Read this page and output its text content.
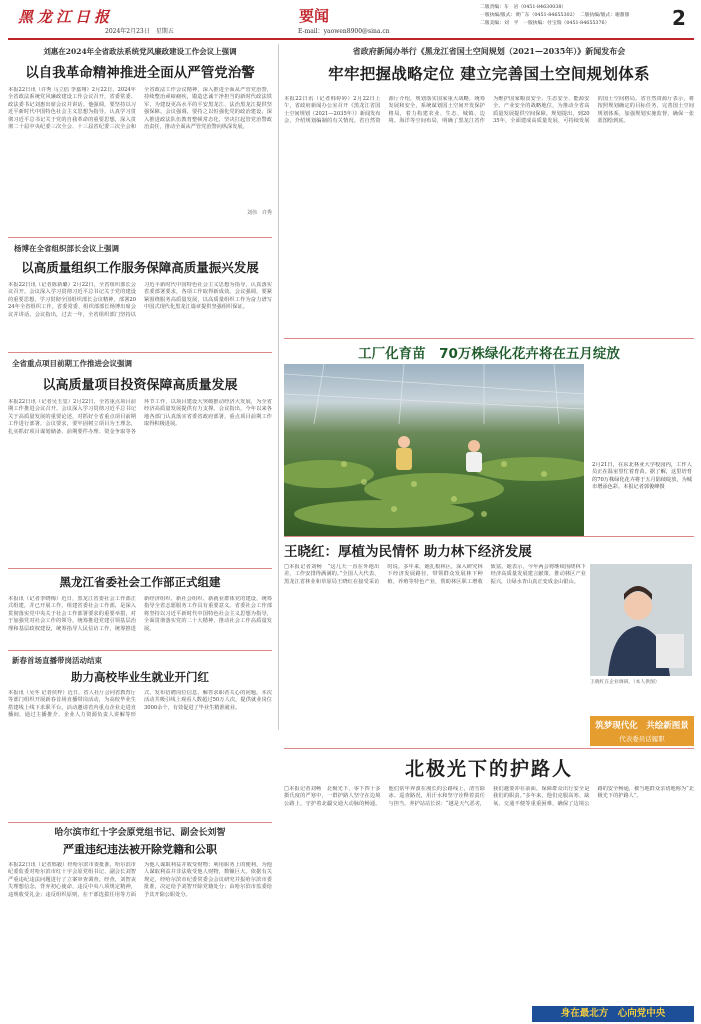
黑龙江日报
2024年2月23日　星期五
要闻
E-mail：yaowen8900@sina.cn
二版责编：车　岩（0451-84630038）
一版执编/版式：黄广东（0451-84655302）　二版执编/版式：谢甜甜
二版美编：刘　平　一版执编：付宝瑞（0451-84655376）	2
刘惠在2024年全省政法系统党风廉政建设工作会议上强调
以自我革命精神推进全面从严管党治警
本报22日讯（许秀 马立倡 李嘉翔）2月22日，2024年全省政法系统党风廉政建设工作会议召开，省委常委、政法委书记刘惠出席会议并讲话。他强调，要坚持以习近平新时代中国特色社会主义思想为指导，认真学习贯彻习近平总书记关于党的自我革命的重要思想，深入贯彻二十届中央纪委三次全会、十三届省纪委三次全会和全省政法工作会议精神，深入推进全面从严管党治警，持续整治顽瘴痼疾，锻造忠诚干净担当的新时代政法铁军，为建设更高水平的平安黑龙江、法治黑龙江提供坚强保障。会议强调，要持之以恒强化党的政治建设，深入推进政法队伍教育整顿常态化，坚决扛起管党治警政治责任，推动全面从严管党治警向纵深发展。
刘伟　许秀
杨博在全省组织部长会议上强调
以高质量组织工作服务保障高质量振兴发展
本报22日讯（记者陈新璐）2月22日，全省组织部长会议召开。会议深入学习贯彻习近平总书记关于党的建设的重要思想，学习贯彻全国组织部长会议精神，部署2024年全省组织工作。省委常委、组织部部长杨博出席会议并讲话。会议指出，过去一年，全省组织部门坚持以习近平新时代中国特色社会主义思想为指导，认真落实省委部署要求，各项工作取得新成效。会议强调，要紧紧围绕服务高质量发展，以高质量组织工作为奋力谱写中国式现代化黑龙江篇章提供坚强组织保证。
全省重点项目前期工作推进会议强调
以高质量项目投资保障高质量发展
本报22日讯（记者吴玉玺）2月22日，全省重点项目前期工作推进会议召开。会议深入学习贯彻习近平总书记关于高质量发展的重要论述，对抓好全省重点项目前期工作进行部署。会议要求，要牢固树立项目为王理念，扎实抓好项目谋划储备、前期要件办理、资金争取等各环节工作，以项目建设大突破推动经济大发展，为全省经济高质量发展提供有力支撑。会议指出，今年以来各地各部门认真落实省委省政府部署，重点项目前期工作取得积极进展。
黑龙江省委社会工作部正式组建
本报讯（记者李晓梅）近日，黑龙江省委社会工作部正式组建，并已开展工作。组建省委社会工作部，是深入贯彻落实党中央关于社会工作部署要求的重要举措，对于加强党对社会工作的领导，统筹推进党建引领基层治理和基层政权建设，统筹指导人民信访工作，统筹推进新经济组织、新社会组织、新就业群体党的建设，统筹指导全省志愿服务工作具有重要意义。省委社会工作部将坚持以习近平新时代中国特色社会主义思想为指导，全面贯彻落实党的二十大精神，推动社会工作高质量发展。
新春首场直播带岗活动结束
助力高校毕业生就业开门红
本报讯（吴冬 记者侯梓）近日，省人社厅会同省教育厅等部门组织开展新春首场直播带岗活动，为高校毕业生搭建线上线下求职平台。活动邀请省内重点企业走进直播间，通过主播推介、企业人力资源负责人讲解等形式，发布招聘岗位信息，解答求职者关心的问题。本次活动共吸引线上观看人数超过50万人次，提供就业岗位3000余个，有效促进了毕业生精准就业。
哈尔滨市红十字会原党组书记、副会长刘智
严重违纪违法被开除党籍和公职
本报22日讯（记者邢毅）经哈尔滨市委批准，哈尔滨市纪委监委对哈尔滨市红十字会原党组书记、副会长刘智严重违纪违法问题进行了立案审查调查。经查，刘智丧失理想信念，背弃初心使命，违反中央八项规定精神，违规收受礼金；违反组织原则，在干部选拔任用等方面为他人谋取利益并收受财物；利用职务上的便利，为他人谋取利益并非法收受他人财物，数额巨大。依据有关规定，经哈尔滨市纪委常委会会议研究并报哈尔滨市委批准，决定给予刘智开除党籍处分；由哈尔滨市监委给予其开除公职处分。
省政府新闻办举行《黑龙江省国土空间规划（2021—2035年）》新闻发布会
牢牢把握战略定位 建立完善国土空间规划体系
本报22日讯（记者韩婷婷）2月22日上午，省政府新闻办公室召开《黑龙江省国土空间规划（2021—2035年）》新闻发布会，介绍规划编制的有关情况。省自然资源厅介绍，规划落实国家重大战略，统筹发展和安全，系统谋划国土空间开发保护格局，着力构建农业、生态、城镇、边境、海洋等空间布局，明确了黑龙江省作为维护国家粮食安全、生态安全、能源安全、产业安全的战略地位，为推动全省高质量发展提供空间保障。规划提出，到2035年，全面建成高质量发展、可持续发展的国土空间格局。省自然资源厅表示，将按照规划确定的目标任务，完善国土空间规划体系，加强规划实施监督，确保一张蓝图绘到底。
工厂化育苗　70万株绿化花卉将在五月绽放
2月21日，在东北林业大学校园内，工作人员正在温室里忙着育苗。据了解，这里培育的70万株绿化花卉将于五月陆续绽放，为城市增添色彩。本报记者郭俊峰摄
王晓红：厚植为民情怀 助力林下经济发展
□本报记者刘畅　“这几天一直在外地出差，工作安排得满满的。”全国人大代表、黑龙江省林业和草原局王晓红在接受采访时说。多年来，她扎根林区，深入研究林下经济发展路径，带领群众发展林下种植、养殖等特色产业，帮助林区职工增收致富。她表示，今年两会将继续围绕林下经济高质量发展建言献策，推动林区产业振兴，让绿水青山真正变成金山银山。
王晓红在企业调研。（本人供图）
筑梦现代化　共绘新图景
代表委员话履职
北极光下的护路人
□本报记者刘畅　北极光下，零下四十多摄氏度的严寒中，一群护路人坚守在边境公路上，守护着北疆交通大动脉的畅通。他们常年奔波在漫长的公路线上，清雪除冰、巡查路况，用汗水和坚守诠释着责任与担当。养护站站长说：“越是天气恶劣，我们越要冲在前面，保障群众出行安全是我们的职责。”多年来，他们克服高寒、缺氧、交通不便等重重困难，确保了边境公路的安全畅通，被当地群众亲切地称为“北极光下的护路人”。
身在最北方　心向党中央
